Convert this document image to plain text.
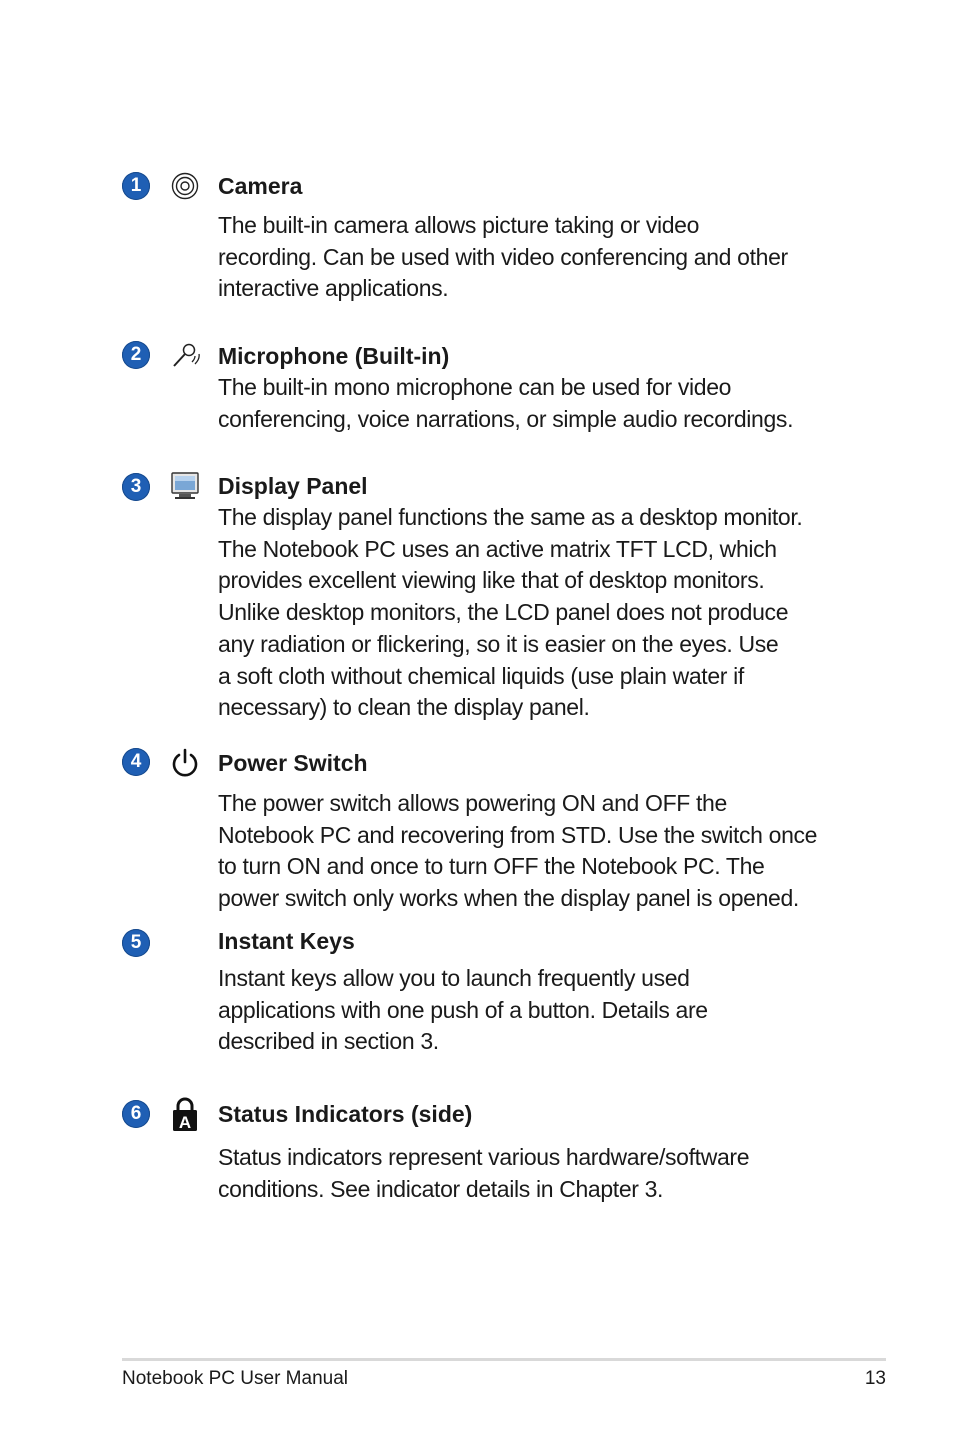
1	Camera

The built-in camera allows picture taking or video
recording. Can be used with video conferencing and other
interactive applications.

2	Microphone (Built-in)

The built-in mono microphone can be used for video
conferencing, voice narrations, or simple audio recordings.

3	Display Panel

The display panel functions the same as a desktop monitor.
The Notebook PC uses an active matrix TFT LCD, which
provides excellent viewing like that of desktop monitors.
Unlike desktop monitors, the LCD panel does not produce
any radiation or flickering, so it is easier on the eyes. Use
a soft cloth without chemical liquids (use plain water if
necessary) to clean the display panel.

4	Power Switch

The power switch allows powering ON and OFF the
Notebook PC and recovering from STD. Use the switch once
to turn ON and once to turn OFF the Notebook PC. The
power switch only works when the display panel is opened.

5	Instant Keys

Instant keys allow you to launch frequently used
applications with one push of a button. Details are
described in section 3.

6	A Status Indicators (side)

Status indicators represent various hardware/software
conditions. See indicator details in Chapter 3.

Notebook PC User Manual	13
